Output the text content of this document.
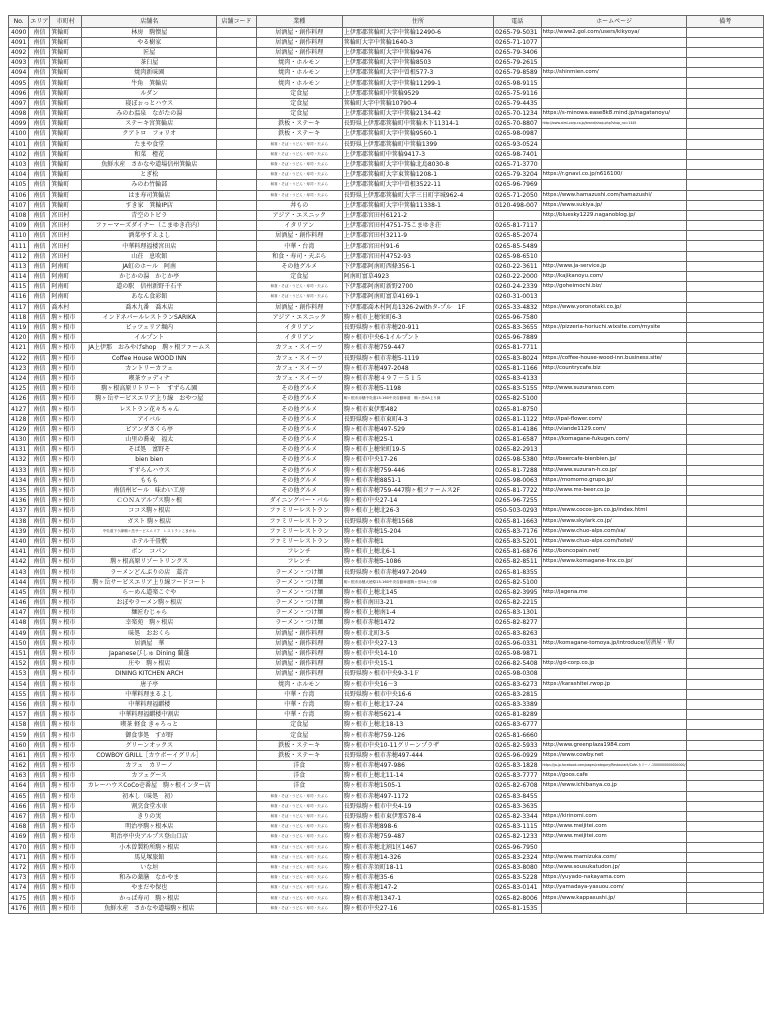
No.	エリア	市町村	店舗名	店舗コード	業種	住所	電話	ホームページ	備考
4090	南信	箕輪町	林房　駒懐屋		居酒屋・創作料理	上伊那郡箕輪町大字中箕輪12490-6	0265-79-5031	http://www2.gol.com/users/kikyoya/	
4091	南信	箕輪町	やる樹家		居酒屋・創作料理	箕輪町大字中箕輪1640-3	0265-71-1077		
4092	南信	箕輪町	匠屋		居酒屋・創作料理	上伊那郡箕輪町大字中箕輪9476	0265-79-3406		
4093	南信	箕輪町	茶臼屋		焼肉・ホルモン	上伊那郡箕輪町大字中箕輪8503	0265-79-2615		
4094	南信	箕輪町	焼肉新味園		焼肉・ホルモン	上伊那郡箕輪町大字中曽根577-3	0265-79-8589	http://shinmien.com/	
4095	南信	箕輪町	牛角　箕輪店		焼肉・ホルモン	上伊那郡箕輪町大字中箕輪11299-1	0265-98-9115		
4096	南信	箕輪町	ルダン		定食屋	上伊那郡箕輪町中箕輪9529	0265-75-9116		
4097	南信	箕輪町	寝ぼぉっとハウス		定食屋	箕輪町大字中箕輪10790-4	0265-79-4435		
4098	南信	箕輪町	みのわ温泉　ながたの湯		定食屋	上伊那郡箕輪町大字中箕輪2134-42	0265-70-1234	https://s-minowa.ease8k8.mind.jp/nagatanoyu/	
4099	南信	箕輪町	ステーキ宮箕輪店		鉄板・ステーキ	長野県上伊那郡箕輪町中箕輪木下11314-1	0265-70-8807	http://www.stmi-corp.co.jp/brand/shop.php?shop_no=1445	
4100	南信	箕輪町	クアトロ　フォリオ		鉄板・ステーキ	上伊那郡箕輪町大字中箕輪9560-1	0265-98-0987		
4101	南信	箕輪町	たまや食堂		和食・そば・うどん・寿司・天ぷら	長野県上伊那郡箕輪町中箕輪1399	0265-93-0524		
4102	南信	箕輪町	和菜　橙花		和食・そば・うどん・寿司・天ぷら	上伊那郡箕輪町中箕輪9417-3	0265-98-7401		
4103	南信	箕輪町	魚鮮水産　さかなや道場信州箕輪店		和食・そば・うどん・寿司・天ぷら	上伊那郡箕輪町大字中箕輪北島8030-8	0265-71-3770		
4104	南信	箕輪町	とぎ松		和食・そば・うどん・寿司・天ぷら	上伊那郡箕輪町大字東箕輪1208-1	0265-79-3204	https://r.gnavi.co.jp/n616100/	
4105	南信	箕輪町	みのわ竹輪部		和食・そば・うどん・寿司・天ぷら	上伊那郡箕輪町大字中曽根3522-11	0265-96-7969		
4106	南信	箕輪町	はま寿司箕輪店		和食・そば・うどん・寿司・天ぷら	長野県上伊那郡箕輪町大字三日町字城962-4	0265-71-2050	https://www.hamazushi.com/hamazushi/	
4107	南信	箕輪町	すき家　箕輪IP店		丼もの	上伊那郡箕輪町大字中箕輪11338-1	0120-498-007	https://www.sukiya.jp/	
4108	南信	宮田村	青空のトビラ		アジア・エスニック	上伊那郡宮田村6121-2		http://bluesky1229.naganoblog.jp/	
4109	南信	宮田村	ファーマーズダイナー（こまゆき荘内）		イタリアン	上伊那郡宮田村4751-75こまゆき荘	0265-81-7117		
4110	南信	宮田村	酒菜亭すえよし		居酒屋・創作料理	上伊那郡宮田村3211-9	0265-85-2074		
4111	南信	宮田村	中華料理福楼宮田店		中華・台湾	上伊那郡宮田村91-6	0265-85-5489		
4112	南信	宮田村	山荘　息吹館		和食・寿司・天ぷら	上伊那郡宮田村4752-93	0265-98-6510		
4113	南信	阿南町	JA虹のホール　阿南		その他グルメ	下伊那郡阿南町西條356-1	0260-22-3611	http://www.ja-service.jp	
4114	南信	阿南町	かじかの湯　かじか亭		定食屋	阿南町富草4923	0260-22-2000	http://kajikanoyu.com/	
4115	南信	阿南町	道の駅　信州新野千石平		和食・そば・うどん・寿司・天ぷら	下伊那郡阿南町新野2700	0260-24-2339	http://goheimochi.biz/	
4116	南信	阿南町	あなん食彩館		和食・そば・うどん・寿司・天ぷら	下伊那郡阿南町富草4169-1	0260-31-0013		
4117	南信	喬木村	喬木九番　喬木店		居酒屋・創作料理	下伊那郡喬木村阿島1326-2withタ-プル　1F	0265-33-4832	https://www.yoronotaki.co.jp/	
4118	南信	駒ヶ根市	インドネパールレストランSARIKA		アジア・エスニック	駒ヶ根市上穂栄町6-3	0265-96-7580		
4119	南信	駒ヶ根市	ピッツェリア堀内		イタリアン	長野県駒ヶ根市赤穂20-911	0265-83-3655	https://pizzeria-horiuchi.wixsite.com/mysite	
4120	南信	駒ヶ根市	イルプント		イタリアン	駒ヶ根市中央6-1イルプント	0265-96-7889		
4121	南信	駒ヶ根市	JA上伊那　おみやげshop　駒ヶ根ファームス		カフェ・スイーツ	駒ヶ根市赤穂759-447	0265-81-7711		
4122	南信	駒ヶ根市	Coffee House WOOD INN		カフェ・スイーツ	長野県駒ヶ根市赤穂5-1119	0265-83-8024	https://coffee-house-wood-inn.business.site/	
4123	南信	駒ヶ根市	カントリーカフェ		カフェ・スイーツ	駒ヶ根市赤穂497-2048	0265-81-1166	http://countrycafe.biz	
4124	南信	駒ヶ根市	喫茶ウッディナ		カフェ・スイーツ	駒ヶ根市赤穂４９７－５１５	0265-83-4133		
4125	南信	駒ヶ根市	駒ヶ根高原リトリート　すずらん園		その他グルメ	駒ヶ根市赤穂5-1198	0265-83-5155	http://www.suzuranso.com	
4126	南信	駒ヶ根市	駒ヶ岳サービスエリア上り線　おやつ屋		その他グルメ	駒ヶ根市赤穂中央道15-160中央自動車道　駒ヶ岳SA上り線	0265-82-5100		
4127	南信	駒ヶ根市	レストラン花々ちゃん		その他グルメ	駒ヶ根市東伊那482	0265-81-8750		
4128	南信	駒ヶ根市	アイバル		その他グルメ	長野県駒ヶ根市東町4-3	0265-81-1122	http://ipal-flower.com/	
4129	南信	駒ヶ根市	ピアンダさくら亭		その他グルメ	駒ヶ根市赤穂497-529	0265-81-4186	http://viande1129.com/	
4130	南信	駒ヶ根市	山里の蕎麦　福太		その他グルメ	駒ヶ根市赤穂25-1	0265-81-6587	https://komagane-fukugen.com/	
4131	南信	駒ヶ根市	そば処　富野そ		その他グルメ	駒ヶ根市上穂栄町19-5	0265-82-2913		
4132	南信	駒ヶ根市	bien bien		その他グルメ	駒ヶ根市中央17-26	0265-98-5380	http://beercafe-bienbien.jp/	
4133	南信	駒ヶ根市	すずらんハウス		その他グルメ	駒ヶ根市赤穂759-446	0265-81-7288	http://www.suzuran-h.co.jp/	
4134	南信	駒ヶ根市	ももも		その他グルメ	駒ヶ根市赤穂8851-1	0265-98-0063	https://momomo.grupo.jp/	
4135	南信	駒ヶ根市	南信州ビール　味わい工房		その他グルメ	駒ヶ根市赤穂759-447駒ヶ根ファームス2F	0265-81-7722	http://www.ms-beer.co.jp	
4136	南信	駒ヶ根市	ＣＯＮＡアルプス駒ヶ根		ダイニングバー・バル	駒ヶ根市中央27-14	0265-96-7255		
4137	南信	駒ヶ根市	ココス駒ヶ根店		ファミリーレストラン	駒ヶ根市上穂北26-3	050-503-0293	https://www.cocos-jpn.co.jp/index.html	
4138	南信	駒ヶ根市	ガスト 駒ヶ根店		ファミリーレストラン	長野県駒ヶ根市赤穂1568	0265-81-1663	https://www.skylark.co.jp/	
4139	南信	駒ヶ根市	中央道下り線駒ヶ岳サービスエリア　レストランこまがね		ファミリーレストラン	駒ヶ根市赤穂15-204	0265-83-7176	https://www.chuo-alps.com/sa/	
4140	南信	駒ヶ根市	ホテル千畳敷		ファミリーレストラン	駒ヶ根市赤穂1	0265-83-5201	https://www.chuo-alps.com/hotel/	
4141	南信	駒ヶ根市	ボン　コパン		フレンチ	駒ヶ根市上穂北6-1	0265-81-6876	http://boncopain.net/	
4142	南信	駒ヶ根市	駒ヶ根高原リゾートリンクス		フレンチ	駒ヶ根市赤穂5-1086	0265-82-8511	https://www.komagane-linx.co.jp/	
4143	南信	駒ヶ根市	ラーメンどんぶりの店　藁音		ラーメン・つけ麺	長野県駒ヶ根市赤穂497-2049	0265-81-8355		
4144	南信	駒ヶ根市	駒ヶ岳サービスエリア上り線フードコート		ラーメン・つけ麺	駒ヶ根市赤穂大徳原15-160中央自動車道駒ヶ岳SA上り線	0265-82-5100		
4145	南信	駒ヶ根市	ら～めん道楽こぐや		ラーメン・つけ麺	駒ヶ根市上穂北145	0265-82-3995	http://jagena.me	
4146	南信	駒ヶ根市	おぼやラーメン駒ヶ根店		ラーメン・つけ麺	駒ヶ根市南田3-21	0265-82-2215		
4147	南信	駒ヶ根市	麺匠むじゃら		ラーメン・つけ麺	駒ヶ根市上穂南1-4	0265-83-1301		
4148	南信	駒ヶ根市	幸楽苑　駒ヶ根店		ラーメン・つけ麺	駒ヶ根市赤穂1472	0265-82-8277		
4149	南信	駒ヶ根市	味処　おおくら		居酒屋・創作料理	駒ヶ根市北町3-5	0265-83-8263		
4150	南信	駒ヶ根市	居酒屋　華		居酒屋・創作料理	駒ヶ根市中央27-13	0265-96-0331	http://komagane-tomoya.jp/introduce/居酒屋・華/	
4151	南信	駒ヶ根市	Japaneseびしゅ Dining 蘭蓬		居酒屋・創作料理	駒ヶ根市中央14-10	0265-98-9871		
4152	南信	駒ヶ根市	庄や　駒ヶ根店		居酒屋・創作料理	駒ヶ根市中央15-1	0266-82-5408	http://gd-corp.co.jp	
4153	南信	駒ヶ根市	DINING KITCHEN ARCH		居酒屋・創作料理	長野県駒ヶ根市中央9-3-1Ｆ	0265-98-0308		
4154	南信	駒ヶ根市	唐子亭		焼肉・ホルモン	駒ヶ根市中央16－3	0265-83-6273	https://karashitei.rwop.jp	
4155	南信	駒ヶ根市	中華料理まるよし		中華・台湾	長野県駒ヶ根市中央16-6	0265-83-2815		
4156	南信	駒ヶ根市	中華料理福麒楼		中華・台湾	駒ヶ根市上穂北17-24	0265-83-3389		
4157	南信	駒ヶ根市	中華料理福麒楼中割店		中華・台湾	駒ヶ根市赤穂5621-4	0265-81-8289		
4158	南信	駒ヶ根市	喫茶 軽食 きゃろっと		定食屋	駒ヶ根市上穂北18-13	0265-83-6777		
4159	南信	駒ヶ根市	御食事処　すが野		定食屋	駒ヶ根市赤穂759-126	0265-81-6660		
4160	南信	駒ヶ根市	グリーンオックス		鉄板・ステーキ	駒ヶ根市中央10-11グリーンプラザ	0265-82-5933	http://www.greenplaza1984.com	
4161	南信	駒ヶ根市	COWBOY GRILL［カウボーイグリル］		鉄板・ステーキ	長野県駒ヶ根市赤穂497-444	0265-96-0929	https://www.cowby.net	
4162	南信	駒ヶ根市	カフェ　カリーノ		洋食	駒ヶ根市赤穂497-986	0265-83-1828	https://ja-jp.facebook.com/pages/category/Restaurant/Cafe-カリーノ-1500000000000000/	
4163	南信	駒ヶ根市	カフェグース		洋食	駒ヶ根市上穂北11-14	0265-83-7777	https://goos.cafe	
4164	南信	駒ヶ根市	カレーハウスCoCo壱番屋　駒ヶ根インター店		洋食	駒ヶ根市赤穂1505-1	0265-82-6708	https://www.ichibanya.co.jp	
4165	南信	駒ヶ根市	初本し（味処　初）		和食・そば・うどん・寿司・天ぷら	駒ヶ根市赤穂497-1172	0265-83-8455		
4166	南信	駒ヶ根市	割烹食堂水車		和食・そば・うどん・寿司・天ぷら	長野県駒ヶ根市中央4-19	0265-83-3635		
4167	南信	駒ヶ根市	きりの実		和食・そば・うどん・寿司・天ぷら	長野県駒ヶ根市東伊那578-4	0265-82-3344	https://kirinomi.com	
4168	南信	駒ヶ根市	明治亭駒ヶ根本店		和食・そば・うどん・寿司・天ぷら	駒ヶ根市赤穂898-6	0265-83-1115	http://www.meijitei.com	
4169	南信	駒ヶ根市	明治亭中央アルプス登山口店		和食・そば・うどん・寿司・天ぷら	駒ヶ根市赤穂759-487	0265-82-1233	http://www.meijitei.com	
4170	南信	駒ヶ根市	小木曽製粉所駒ヶ根店		和食・そば・うどん・寿司・天ぷら	駒ヶ根市赤穂北割1区1467	0265-96-7950		
4171	南信	駒ヶ根市	馬見塚旅館		和食・そば・うどん・寿司・天ぷら	駒ヶ根市赤穂14-326	0265-83-2324	http://www.mamizuka.com/	
4172	南信	駒ヶ根市	いな垣		和食・そば・うどん・寿司・天ぷら	駒ヶ根市赤須町18-11	0265-83-8080	http://www.sousukatudon.jp/	
4173	南信	駒ヶ根市	和みの薬膳　なかやま		和食・そば・うどん・寿司・天ぷら	駒ヶ根市赤穂35-6	0265-83-5228	https://yuyado-nakayama.com	
4174	南信	駒ヶ根市	やまだや保也		和食・そば・うどん・寿司・天ぷら	駒ヶ根市赤穂147-2	0265-83-0141	http://yamadaya-yasuou.com/	
4175	南信	駒ヶ根市	かっぱ寿司　駒ヶ根店		和食・そば・うどん・寿司・天ぷら	駒ヶ根市赤穂1347-1	0265-82-8006	https://www.kappasushi.jp/	
4176	南信	駒ヶ根市	魚鮮水産　さかなや道場駒ヶ根店		和食・そば・うどん・寿司・天ぷら	駒ヶ根市中央27-16	0265-81-1535		
